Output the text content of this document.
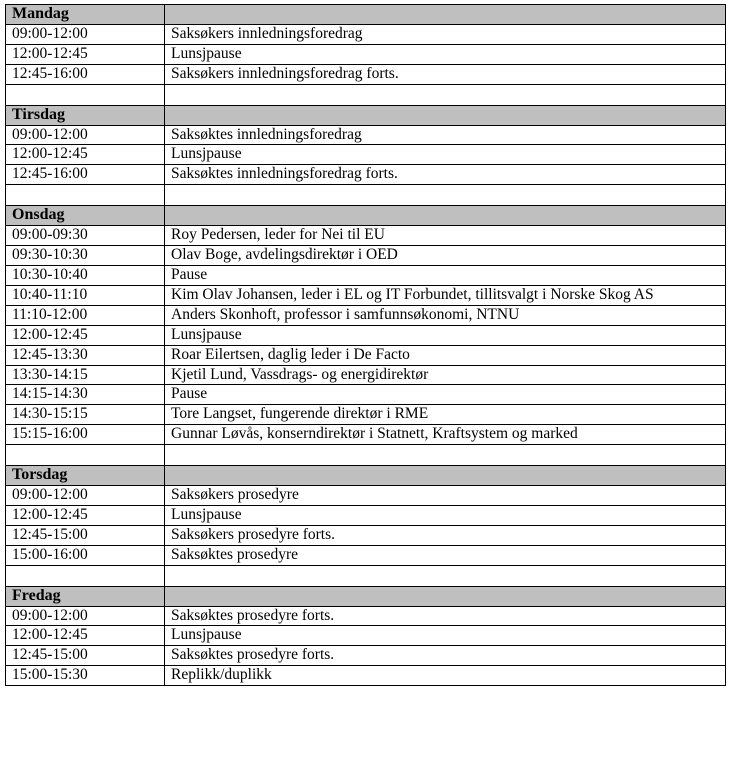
Mandag	
09:00-12:00	Saksøkers innledningsforedrag
12:00-12:45	Lunsjpause
12:45-16:00	Saksøkers innledningsforedrag forts.

Tirsdag	
09:00-12:00	Saksøktes innledningsforedrag
12:00-12:45	Lunsjpause
12:45-16:00	Saksøktes innledningsforedrag forts.

Onsdag	
09:00-09:30	Roy Pedersen, leder for Nei til EU
09:30-10:30	Olav Boge, avdelingsdirektør i OED
10:30-10:40	Pause
10:40-11:10	Kim Olav Johansen, leder i EL og IT Forbundet, tillitsvalgt i Norske Skog AS
11:10-12:00	Anders Skonhoft, professor i samfunnsøkonomi, NTNU
12:00-12:45	Lunsjpause
12:45-13:30	Roar Eilertsen, daglig leder i De Facto
13:30-14:15	Kjetil Lund, Vassdrags- og energidirektør
14:15-14:30	Pause
14:30-15:15	Tore Langset, fungerende direktør i RME
15:15-16:00	Gunnar Løvås, konserndirektør i Statnett, Kraftsystem og marked

Torsdag	
09:00-12:00	Saksøkers prosedyre
12:00-12:45	Lunsjpause
12:45-15:00	Saksøkers prosedyre forts.
15:00-16:00	Saksøktes prosedyre

Fredag	
09:00-12:00	Saksøktes prosedyre forts.
12:00-12:45	Lunsjpause
12:45-15:00	Saksøktes prosedyre forts.
15:00-15:30	Replikk/duplikk
